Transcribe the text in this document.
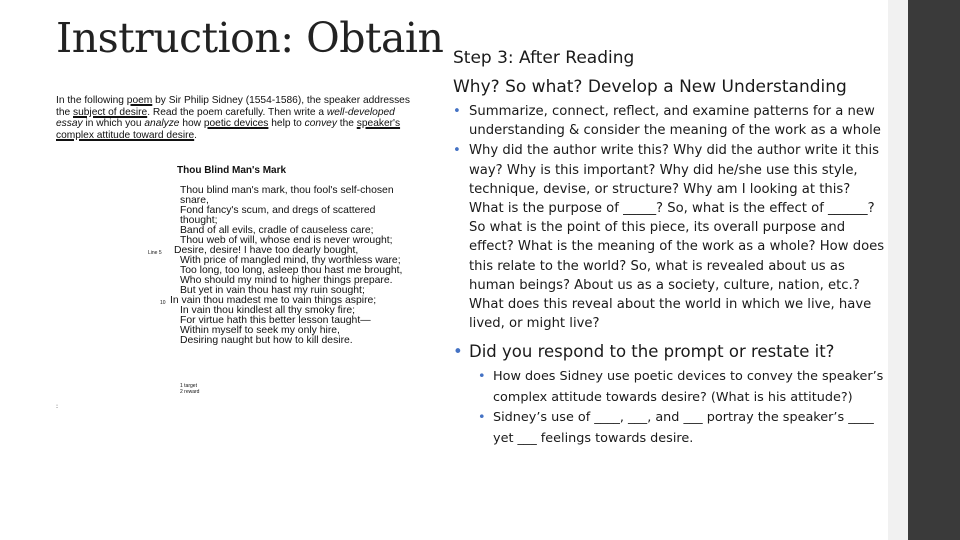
Instruction: Obtain
In the following poem by Sir Philip Sidney (1554-1586), the speaker addresses the subject of desire. Read the poem carefully. Then write a well-developed essay in which you analyze how poetic devices help to convey the speaker's complex attitude toward desire.
Thou Blind Man's Mark
Thou blind man's mark, thou fool's self-chosen
snare,
Fond fancy's scum, and dregs of scattered
thought;
Band of all evils, cradle of causeless care;
Thou web of will, whose end is never wrought;
Line 5 Desire, desire! I have too dearly bought,
With price of mangled mind, thy worthless ware;
Too long, too long, asleep thou hast me brought,
Who should my mind to higher things prepare.
But yet in vain thou hast my ruin sought;
10 In vain thou madest me to vain things aspire;
In vain thou kindlest all thy smoky fire;
For virtue hath this better lesson taught—
Within myself to seek my only hire,
Desiring naught but how to kill desire.
1 target
2 reward
:
Step 3: After Reading
Why? So what? Develop a New Understanding
• Summarize, connect, reflect, and examine patterns for a new understanding & consider the meaning of the work as a whole
• Why did the author write this? Why did the author write it this way? Why is this important? Why did he/she use this style, technique, devise, or structure? Why am I looking at this? What is the purpose of _____? So, what is the effect of ______? So what is the point of this piece, its overall purpose and effect? What is the meaning of the work as a whole? How does this relate to the world? So, what is revealed about us as human beings? About us as a society, culture, nation, etc.? What does this reveal about the world in which we live, have lived, or might live?
• Did you respond to the prompt or restate it?
• How does Sidney use poetic devices to convey the speaker’s complex attitude towards desire? (What is his attitude?)
• Sidney’s use of ____, ___, and ___ portray the speaker’s ____ yet ___ feelings towards desire.
